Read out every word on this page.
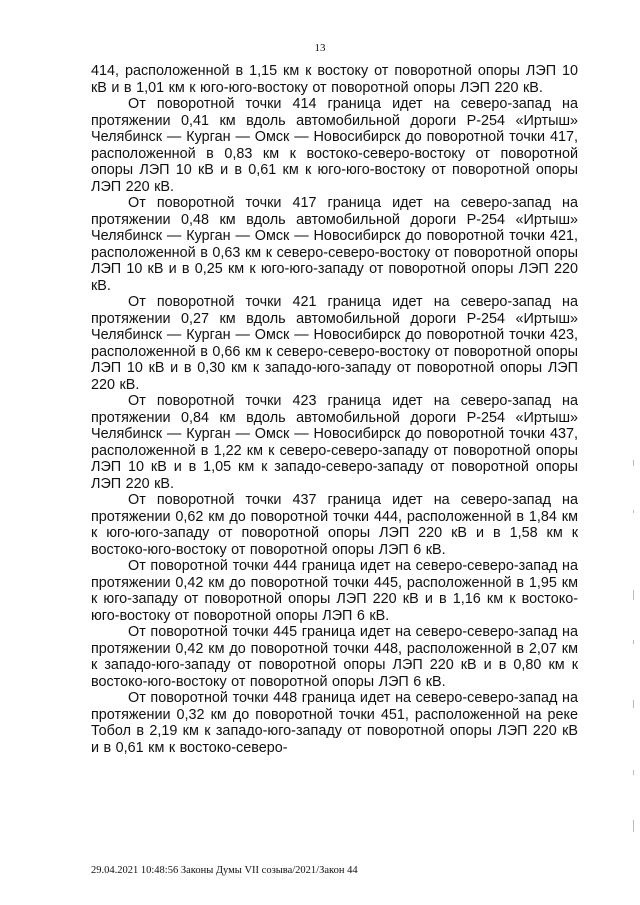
13

414, расположенной в 1,15 км к востоку от поворотной опоры ЛЭП 10 кВ и в 1,01 км к юго-юго-востоку от поворотной опоры ЛЭП 220 кВ.

От поворотной точки 414 граница идет на северо-запад на протяжении 0,41 км вдоль автомобильной дороги Р-254 «Иртыш» Челябинск — Курган — Омск — Новосибирск до поворотной точки 417, расположенной в 0,83 км к востоко-северо-востоку от поворотной опоры ЛЭП 10 кВ и в 0,61 км к юго-юго-востоку от поворотной опоры ЛЭП 220 кВ.

От поворотной точки 417 граница идет на северо-запад на протяжении 0,48 км вдоль автомобильной дороги Р-254 «Иртыш» Челябинск — Курган — Омск — Новосибирск до поворотной точки 421, расположенной в 0,63 км к северо-северо-востоку от поворотной опоры ЛЭП 10 кВ и в 0,25 км к юго-юго-западу от поворотной опоры ЛЭП 220 кВ.

От поворотной точки 421 граница идет на северо-запад на протяжении 0,27 км вдоль автомобильной дороги Р-254 «Иртыш» Челябинск — Курган — Омск — Новосибирск до поворотной точки 423, расположенной в 0,66 км к северо-северо-востоку от поворотной опоры ЛЭП 10 кВ и в 0,30 км к западо-юго-западу от поворотной опоры ЛЭП 220 кВ.

От поворотной точки 423 граница идет на северо-запад на протяжении 0,84 км вдоль автомобильной дороги Р-254 «Иртыш» Челябинск — Курган — Омск — Новосибирск до поворотной точки 437, расположенной в 1,22 км к северо-северо-западу от поворотной опоры ЛЭП 10 кВ и в 1,05 км к западо-северо-западу от поворотной опоры ЛЭП 220 кВ.

От поворотной точки 437 граница идет на северо-запад на протяжении 0,62 км до поворотной точки 444, расположенной в 1,84 км к юго-юго-западу от поворотной опоры ЛЭП 220 кВ и в 1,58 км к востоко-юго-востоку от поворотной опоры ЛЭП 6 кВ.

От поворотной точки 444 граница идет на северо-северо-запад на протяжении 0,42 км до поворотной точки 445, расположенной в 1,95 км к юго-западу от поворотной опоры ЛЭП 220 кВ и в 1,16 км к востоко-юго-востоку от поворотной опоры ЛЭП 6 кВ.

От поворотной точки 445 граница идет на северо-северо-запад на протяжении 0,42 км до поворотной точки 448, расположенной в 2,07 км к западо-юго-западу от поворотной опоры ЛЭП 220 кВ и в 0,80 км к востоко-юго-востоку от поворотной опоры ЛЭП 6 кВ.

От поворотной точки 448 граница идет на северо-северо-запад на протяжении 0,32 км до поворотной точки 451, расположенной на реке Тобол в 2,19 км к западо-юго-западу от поворотной опоры ЛЭП 220 кВ и в 0,61 км к востоко-северо-

29.04.2021 10:48:56 Законы Думы VII созыва/2021/Закон 44
